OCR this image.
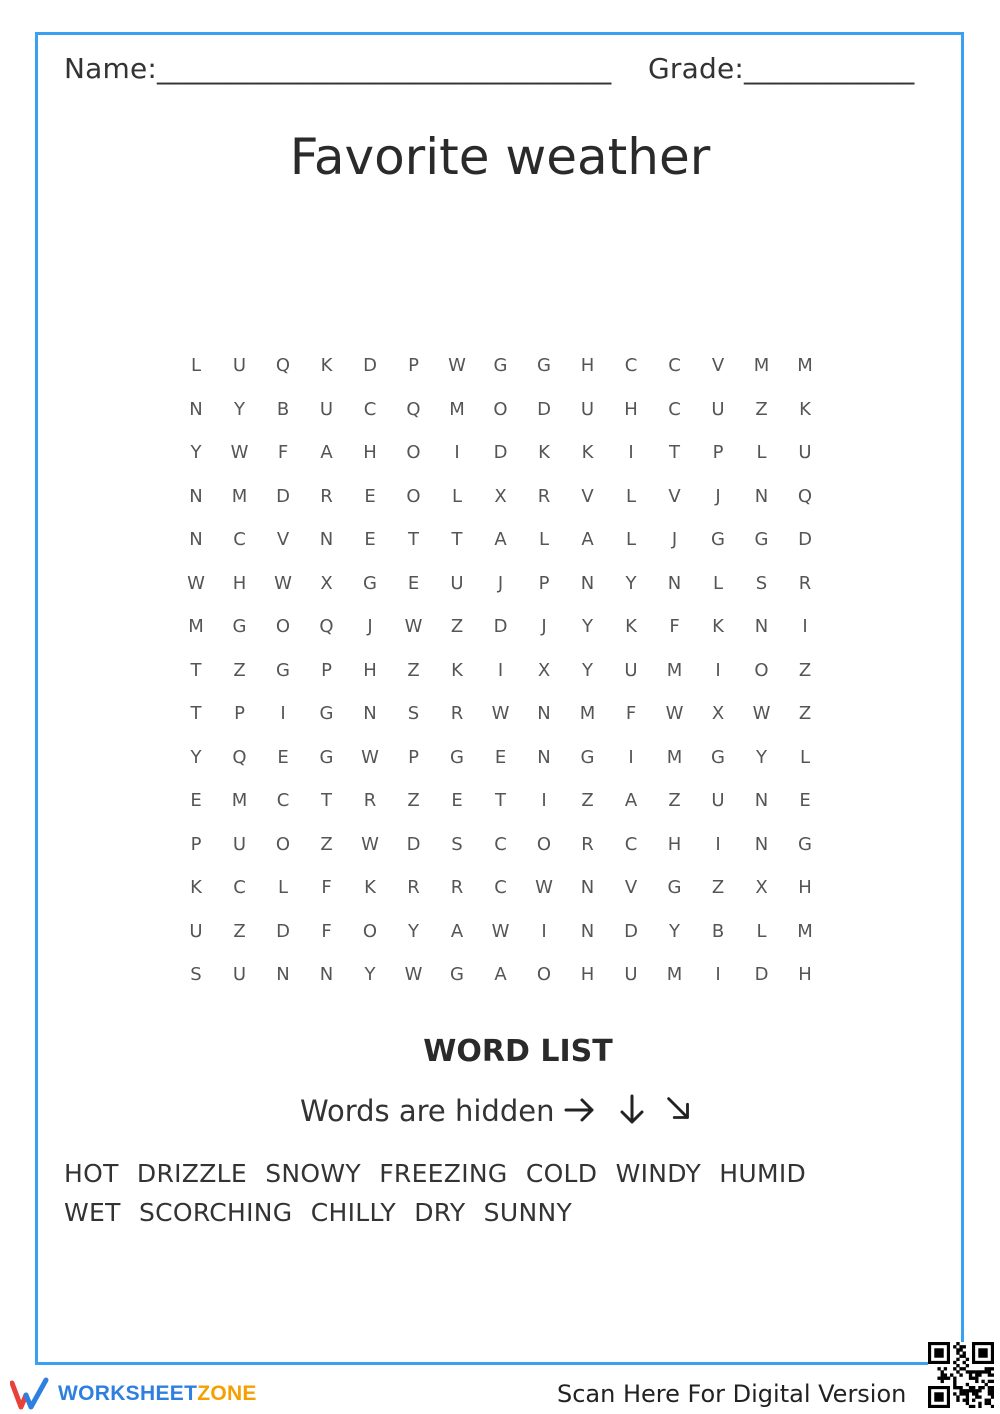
Name:________________________________ Grade:____________
Favorite weather
L	U	Q	K	D	P	W	G	G	H	C	C	V	M	M
N	Y	B	U	C	Q	M	O	D	U	H	C	U	Z	K
Y	W	F	A	H	O	I	D	K	K	I	T	P	L	U
N	M	D	R	E	O	L	X	R	V	L	V	J	N	Q
N	C	V	N	E	T	T	A	L	A	L	J	G	G	D
W	H	W	X	G	E	U	J	P	N	Y	N	L	S	R
M	G	O	Q	J	W	Z	D	J	Y	K	F	K	N	I
T	Z	G	P	H	Z	K	I	X	Y	U	M	I	O	Z
T	P	I	G	N	S	R	W	N	M	F	W	X	W	Z
Y	Q	E	G	W	P	G	E	N	G	I	M	G	Y	L
E	M	C	T	R	Z	E	T	I	Z	A	Z	U	N	E
P	U	O	Z	W	D	S	C	O	R	C	H	I	N	G
K	C	L	F	K	R	R	C	W	N	V	G	Z	X	H
U	Z	D	F	O	Y	A	W	I	N	D	Y	B	L	M
S	U	N	N	Y	W	G	A	O	H	U	M	I	D	H
WORD LIST
Words are hidden
HOT DRIZZLE SNOWY FREEZING COLD WINDY HUMID WET SCORCHING CHILLY DRY SUNNY
WORKSHEETZONE	Scan Here For Digital Version
